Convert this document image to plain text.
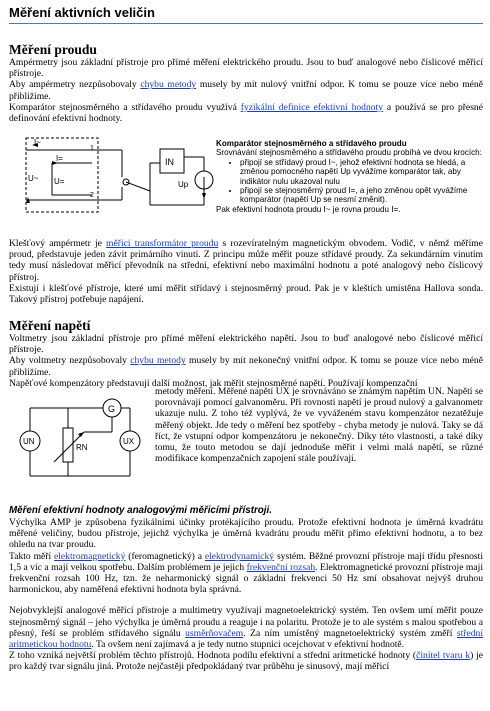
Měření aktivních veličin
Měření proudu

Ampérmetry jsou základní přístroje pro přímé měření elektrického proudu. Jsou to buď analogové nebo číslicové měřicí přístroje.

Aby ampérmetry nezpůsobovaly chybu metody musely by mít nulový vnitřní odpor. K tomu se pouze více nebo méně přibližíme.

Komparátor stejnosměrného a střídavého proudu využívá fyzikální definice efektivní hodnoty a používá se pro přesné definování efektivní hodnoty.

I~
I=
U~ U=
1
2
IN
Up
Komparátor stejnosměrného a střídavého proudu
Srovnávání stejnosměrného a střídavého proudu probíhá ve dvou krocích:
• připojí se střídavý proud I~, jehož efektivní hodnota se hledá, a změnou pomocného napětí Up vyvážíme komparátor tak, aby indikátor nulu ukazoval nulu
• připojí se stejnosměrný proud I=, a jeho změnou opět vyvážíme komparátor (napětí Up se nesmí změnit).
Pak efektivní hodnota proudu I~ je rovna proudu I=.

Klešťový ampérmetr je měřicí transformátor proudu s rozevíratelným magnetickým obvodem. Vodič, v němž měříme proud, představuje jeden závit primárního vinutí. Z principu může měřit pouze střídavé proudy. Za sekundárním vinutím tedy musí následovat měřicí převodník na střední, efektivní nebo maximální hodnotu a poté analogový nebo číslicový přístroj.

Existují i klešťové přístroje, které umí měřit střídavý i stejnosměrný proud. Pak je v kleštích umístěna Hallova sonda. Takový přístroj potřebuje napájení.

Měření napětí

Voltmetry jsou základní přístroje pro přímé měření elektrického napětí. Jsou to buď analogové nebo číslicové měřicí přístroje.

Aby voltmetry nezpůsobovaly chybu metody musely by mít nekonečný vnitřní odpor. K tomu se pouze více nebo méně přibližíme.

Napěťové kompenzátory představují další možnost, jak měřit stejnosměrné napětí. Používají kompenzační

G
UN	UX
RN
metody měření. Měřené napětí UX je srovnáváno se známým napětím UN. Napětí se porovnávají pomocí galvanoměru. Při rovnosti napětí je proud nulový a galvanometr ukazuje nulu. Z toho též vyplývá, že ve vyváženém stavu kompenzátor nezatěžuje měřený objekt. Jde tedy o měření bez spotřeby - chyba metody je nulová. Taky se dá říct, že vstupní odpor kompenzátoru je nekonečný. Díky této vlastnosti, a také díky tomu, že touto metodou se dají jednoduše měřit i velmi malá napětí, se různé modifikace kompenzačních zapojení stále používají.
Měření efektivní hodnoty analogovými měřicími přístroji.

Výchylka AMP je způsobena fyzikálními účinky protékajícího proudu. Protože efektivní hodnota je úměrná kvadrátu měřené veličiny, budou přístroje, jejichž výchylka je úměrná kvadrátu proudu měřit přímo efektivní hodnotu, a to bez ohledu na tvar proudu.

Takto měří elektromagnetický (feromagnetický) a elektrodynamický systém. Běžné provozní přístroje mají třídu přesnosti 1,5 a víc a mají velkou spotřebu. Dalším problémem je jejich frekvenční rozsah. Elektromagnetické provozní přístroje mají frekvenční rozsah 100 Hz, tzn. že neharmonický signál o základní frekvenci 50 Hz smí obsahovat nejvýš druhou harmonickou, aby naměřená efektivní hodnota byla správná.

Nejobvyklejší analogové měřicí přístroje a multimetry využívají magnetoelektrický systém. Ten ovšem umí měřit pouze stejnosměrný signál – jeho výchylka je úměrná proudu a reaguje i na polaritu. Protože je to ale systém s malou spotřebou a přesný, řeší se problém střídavého signálu usměrňovačem. Za ním umístěný magnetoelektrický systém změří střední aritmetickou hodnotu. Ta ovšem není zajímavá a je tedy nutno stupnici ocejchovat v efektivní hodnotě.

Z toho vzniká největší problém těchto přístrojů. Hodnota podílu efektivní a střední aritmetické hodnoty (činitel tvaru k) je pro každý tvar signálu jiná. Protože nejčastěji předpokládaný tvar průběhu je sinusový, mají měřicí
